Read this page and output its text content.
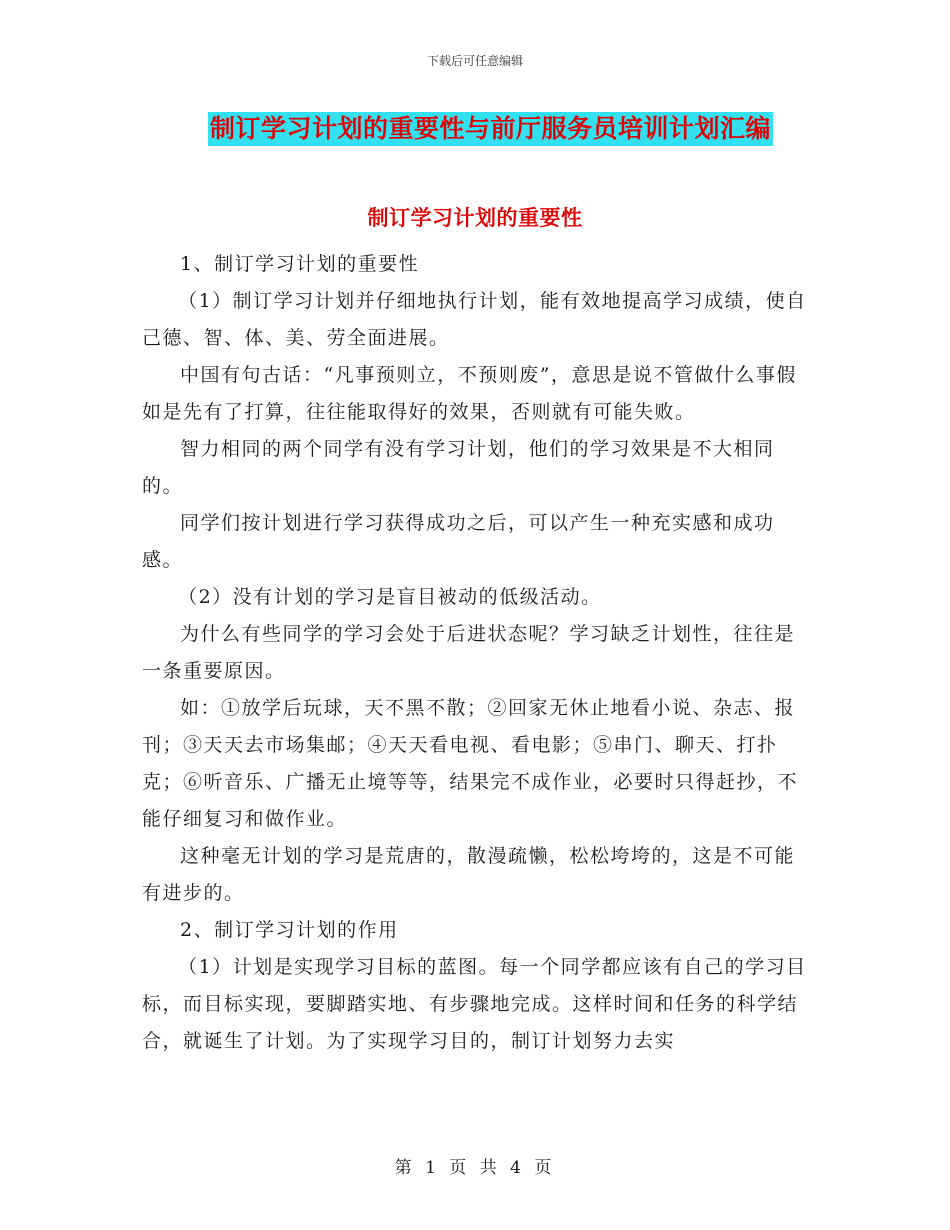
下载后可任意编辑
制订学习计划的重要性与前厅服务员培训计划汇编
制订学习计划的重要性

1、制订学习计划的重要性

（1）制订学习计划并仔细地执行计划，能有效地提高学习成绩，使自己德、智、体、美、劳全面进展。

中国有句古话：“凡事预则立，不预则废”，意思是说不管做什么事假如是先有了打算，往往能取得好的效果，否则就有可能失败。

智力相同的两个同学有没有学习计划，他们的学习效果是不大相同的。

同学们按计划进行学习获得成功之后，可以产生一种充实感和成功感。

（2）没有计划的学习是盲目被动的低级活动。

为什么有些同学的学习会处于后进状态呢？学习缺乏计划性，往往是一条重要原因。

如：①放学后玩球，天不黑不散；②回家无休止地看小说、杂志、报刊；③天天去市场集邮；④天天看电视、看电影；⑤串门、聊天、打扑克；⑥听音乐、广播无止境等等，结果完不成作业，必要时只得赶抄，不能仔细复习和做作业。

这种毫无计划的学习是荒唐的，散漫疏懒，松松垮垮的，这是不可能有进步的。

2、制订学习计划的作用

（1）计划是实现学习目标的蓝图。每一个同学都应该有自己的学习目标，而目标实现，要脚踏实地、有步骤地完成。这样时间和任务的科学结合，就诞生了计划。为了实现学习目的，制订计划努力去实

第 1 页 共 4 页
